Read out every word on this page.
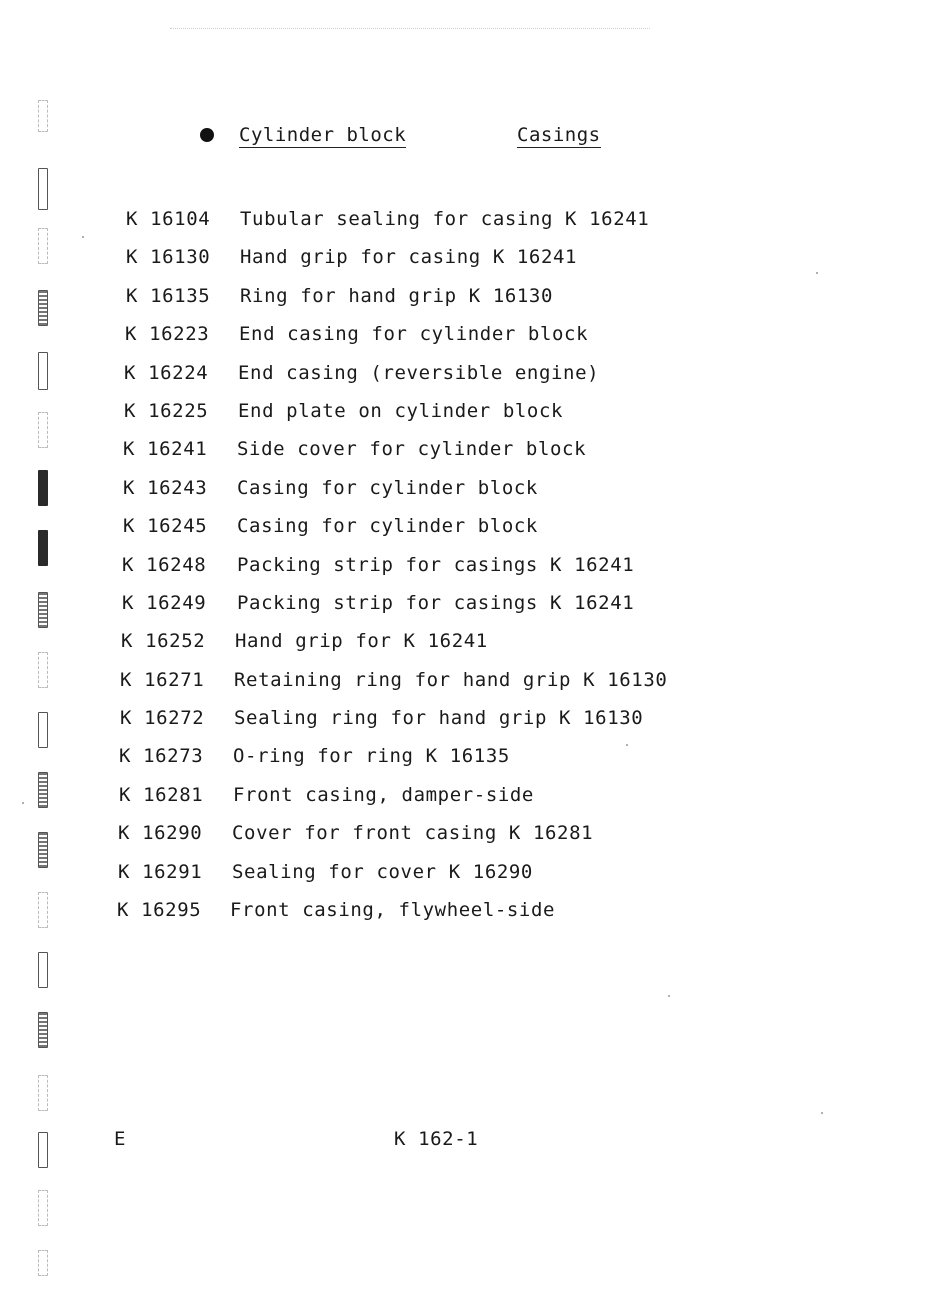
Cylinder block	Casings
K 16104 Tubular sealing for casing K 16241
K 16130 Hand grip for casing K 16241
K 16135 Ring for hand grip K 16130
K 16223 End casing for cylinder block
K 16224 End casing (reversible engine)
K 16225 End plate on cylinder block
K 16241 Side cover for cylinder block
K 16243 Casing for cylinder block
K 16245 Casing for cylinder block
K 16248 Packing strip for casings K 16241
K 16249 Packing strip for casings K 16241
K 16252 Hand grip for K 16241
K 16271 Retaining ring for hand grip K 16130
K 16272 Sealing ring for hand grip K 16130
K 16273 O-ring for ring K 16135
K 16281 Front casing, damper-side
K 16290 Cover for front casing K 16281
K 16291 Sealing for cover K 16290
K 16295 Front casing, flywheel-side
E	K 162-1
